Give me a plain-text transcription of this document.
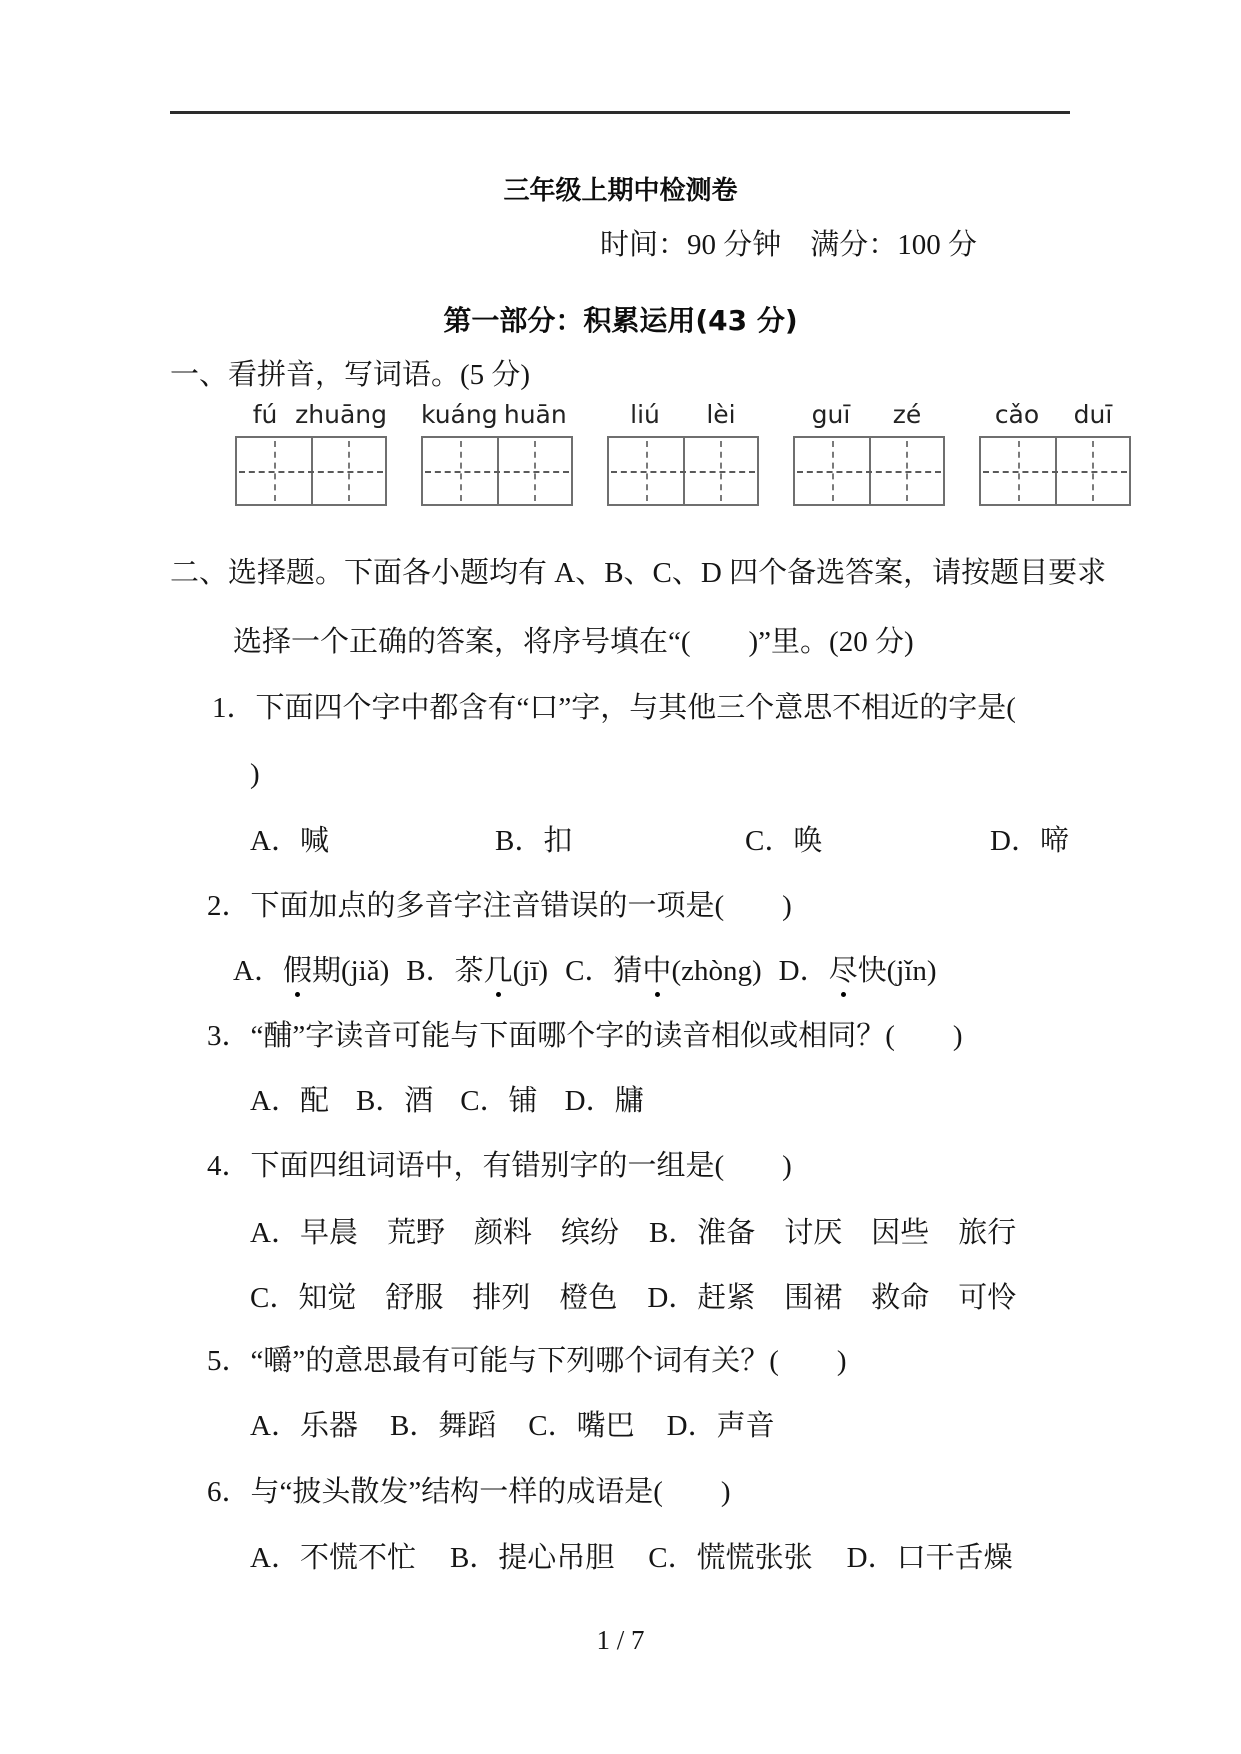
三年级上期中检测卷
时间：90 分钟　满分：100 分
第一部分：积累运用(43 分)
一、看拼音，写词语。(5 分)
fú zhuāng kuáng huān	liú	lèi	guī	zé	cǎo	duī
二、选择题。下面各小题均有 A、B、C、D 四个备选答案，请按题目要求
选择一个正确的答案，将序号填在“(　　)”里。(20 分)
1．下面四个字中都含有“口”字，与其他三个意思不相近的字是(
)
A．喊	B．扣	C．唤	D．啼
2．下面加点的多音字注音错误的一项是(　　)
A．假期(jiǎ) B．茶几(jī) C．猜中(zhòng) D．尽快(jǐn)
3．“酺”字读音可能与下面哪个字的读音相似或相同？(　　)
A．配 B．酒 C．铺 D．牗
4．下面四组词语中，有错别字的一组是(　　)
A．早晨　荒野　颜料　缤纷 B．淮备　讨厌　因些　旅行
C．知觉　舒服　排列　橙色 D．赶紧　围裙　救命　可怜
5．“嚼”的意思最有可能与下列哪个词有关？(　　)
A．乐器 B．舞蹈 C．嘴巴 D．声音
6．与“披头散发”结构一样的成语是(　　)
A．不慌不忙 B．提心吊胆 C．慌慌张张 D．口干舌燥
1 / 7
